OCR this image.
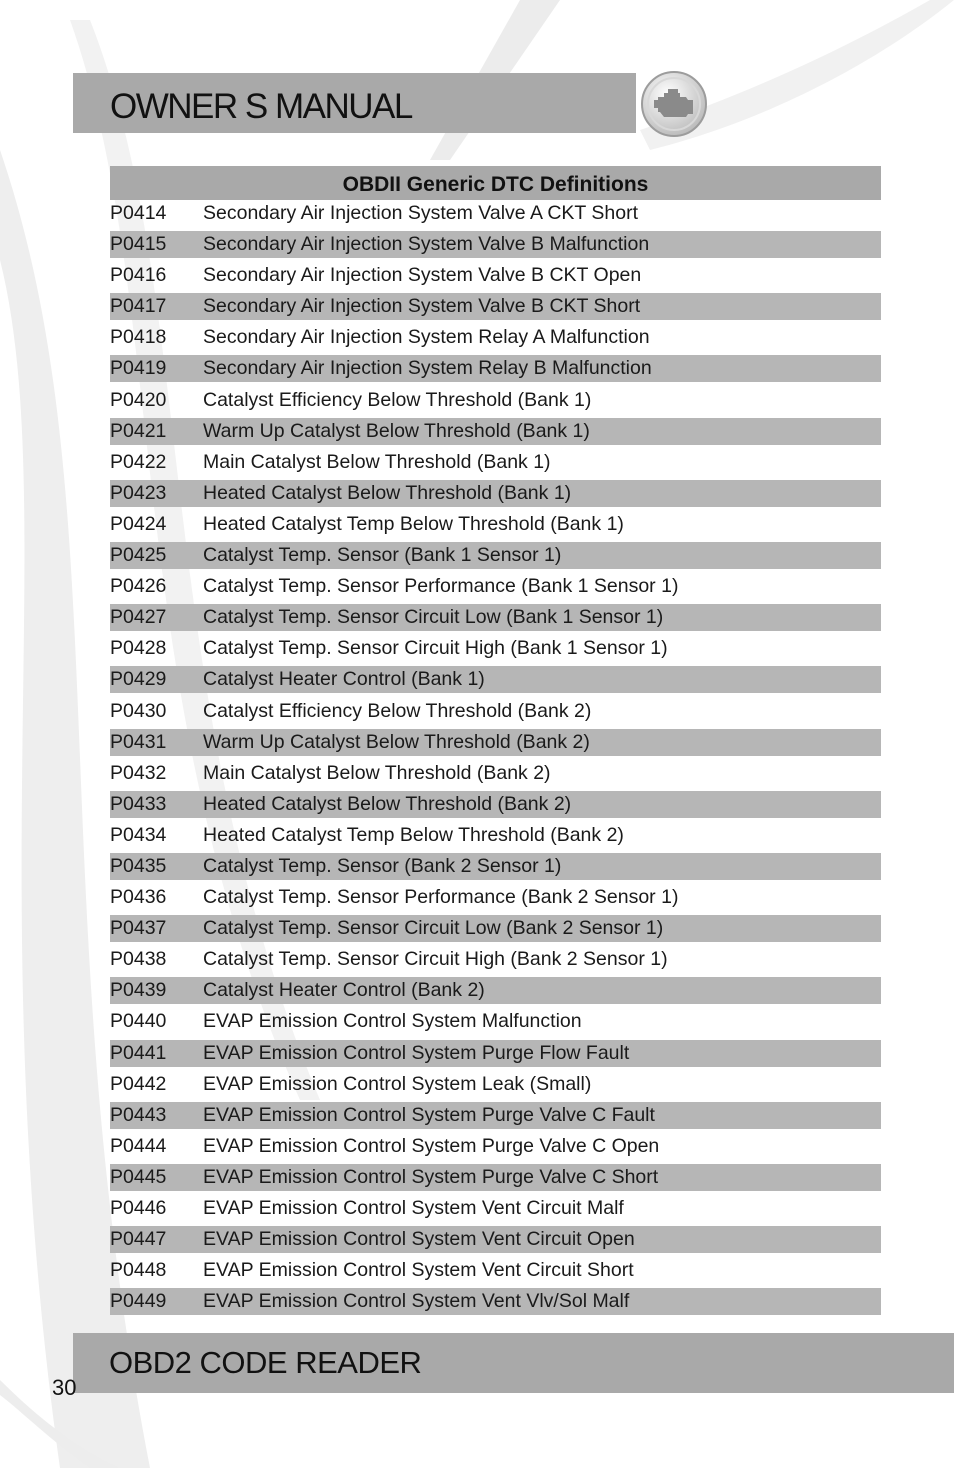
OWNER S MANUAL
OBDII Generic DTC Definitions
P0414 Secondary Air Injection System Valve A CKT Short
P0415 Secondary Air Injection System Valve B Malfunction
P0416 Secondary Air Injection System Valve B CKT Open
P0417 Secondary Air Injection System Valve B CKT Short
P0418 Secondary Air Injection System Relay A Malfunction
P0419 Secondary Air Injection System Relay B Malfunction
P0420 Catalyst Efficiency Below Threshold (Bank 1)
P0421 Warm Up Catalyst Below Threshold (Bank 1)
P0422 Main Catalyst Below Threshold (Bank 1)
P0423 Heated Catalyst Below Threshold (Bank 1)
P0424 Heated Catalyst Temp Below Threshold (Bank 1)
P0425 Catalyst Temp. Sensor (Bank 1 Sensor 1)
P0426 Catalyst Temp. Sensor Performance (Bank 1 Sensor 1)
P0427 Catalyst Temp. Sensor Circuit Low (Bank 1 Sensor 1)
P0428 Catalyst Temp. Sensor Circuit High (Bank 1 Sensor 1)
P0429 Catalyst Heater Control (Bank 1)
P0430 Catalyst Efficiency Below Threshold (Bank 2)
P0431 Warm Up Catalyst Below Threshold (Bank 2)
P0432 Main Catalyst Below Threshold (Bank 2)
P0433 Heated Catalyst Below Threshold (Bank 2)
P0434 Heated Catalyst Temp Below Threshold (Bank 2)
P0435 Catalyst Temp. Sensor (Bank 2 Sensor 1)
P0436 Catalyst Temp. Sensor Performance (Bank 2 Sensor 1)
P0437 Catalyst Temp. Sensor Circuit Low (Bank 2 Sensor 1)
P0438 Catalyst Temp. Sensor Circuit High (Bank 2 Sensor 1)
P0439 Catalyst Heater Control (Bank 2)
P0440 EVAP Emission Control System Malfunction
P0441 EVAP Emission Control System Purge Flow Fault
P0442 EVAP Emission Control System Leak (Small)
P0443 EVAP Emission Control System Purge Valve C Fault
P0444 EVAP Emission Control System Purge Valve C Open
P0445 EVAP Emission Control System Purge Valve C Short
P0446 EVAP Emission Control System Vent Circuit Malf
P0447 EVAP Emission Control System Vent Circuit Open
P0448 EVAP Emission Control System Vent Circuit Short
P0449 EVAP Emission Control System Vent Vlv/Sol Malf
OBD2 CODE READER
30
